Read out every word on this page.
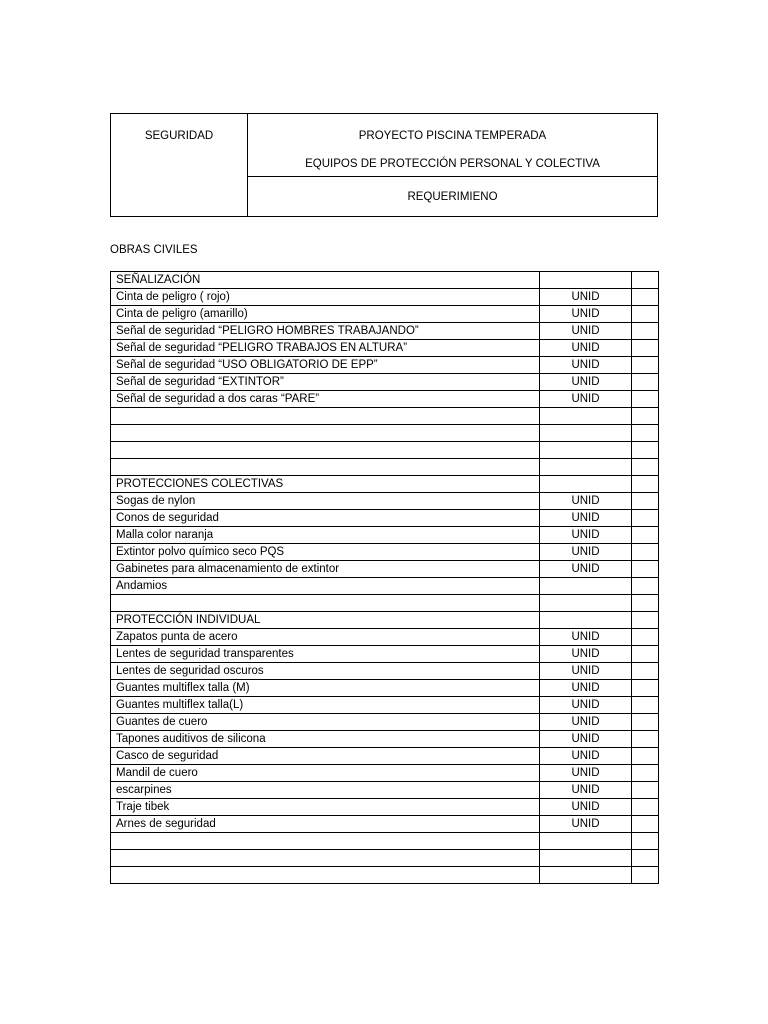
SEGURIDAD	PROYECTO PISCINA TEMPERADA
EQUIPOS DE PROTECCIÓN PERSONAL Y COLECTIVA

REQUERIMIENO
OBRAS CIVILES
SEÑALIZACIÓN		
Cinta de peligro ( rojo)	UNID	
Cinta de peligro (amarillo)	UNID	
Señal de seguridad “PELIGRO HOMBRES TRABAJANDO”	UNID	
Señal de seguridad “PELIGRO TRABAJOS EN ALTURA”	UNID	
Señal de seguridad “USO OBLIGATORIO DE EPP”	UNID	
Señal de seguridad “EXTINTOR”	UNID	
Señal de seguridad a dos caras “PARE”	UNID	

PROTECCIONES COLECTIVAS		
Sogas de nylon	UNID	
Conos de seguridad	UNID	
Malla color naranja	UNID	
Extintor polvo químico seco PQS	UNID	
Gabinetes para almacenamiento de extintor	UNID	
Andamios		

PROTECCIÓN INDIVIDUAL		
Zapatos punta de acero	UNID	
Lentes de seguridad transparentes	UNID	
Lentes de seguridad oscuros	UNID	
Guantes multiflex talla (M)	UNID	
Guantes multiflex talla(L)	UNID	
Guantes de cuero	UNID	
Tapones auditivos de silicona	UNID	
Casco de seguridad	UNID	
Mandil de cuero	UNID	
escarpines	UNID	
Traje tibek	UNID	
Arnes de seguridad	UNID	
